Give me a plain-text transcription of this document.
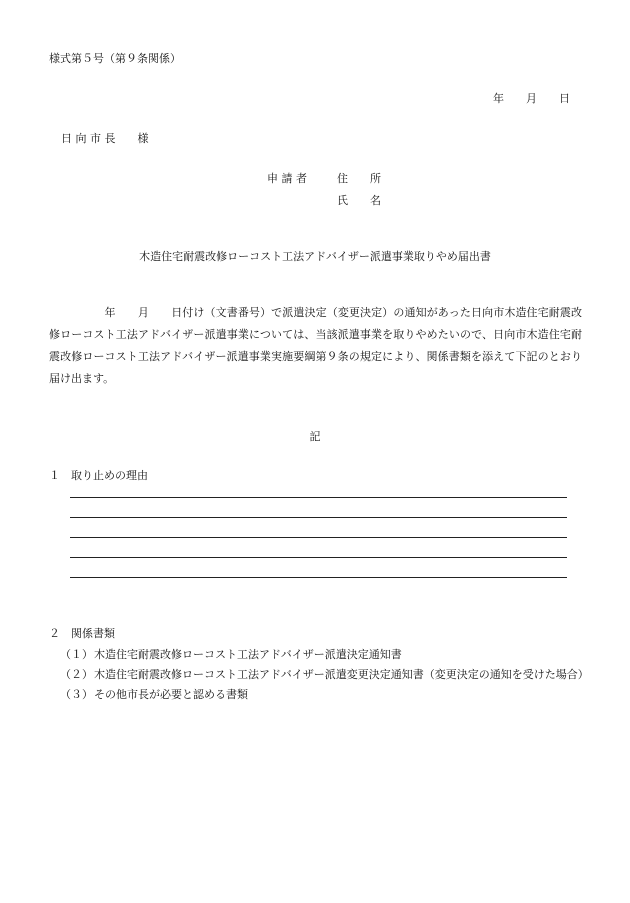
様式第５号（第９条関係）
年　　月　　日
日 向 市 長　　様
申 請 者	住　　所
氏　　名
木造住宅耐震改修ローコスト工法アドバイザー派遣事業取りやめ届出書

　　　　　年　　月　　日付け（文書番号）で派遣決定（変更決定）の通知があった日向市木造住宅耐震改修ローコスト工法アドバイザー派遣事業については、当該派遣事業を取りやめたいので、日向市木造住宅耐震改修ローコスト工法アドバイザー派遣事業実施要綱第９条の規定により、関係書類を添えて下記のとおり届け出ます。

記
１　取り止めの理由
２　関係書類
（１） 木造住宅耐震改修ローコスト工法アドバイザー派遣決定通知書
（２） 木造住宅耐震改修ローコスト工法アドバイザー派遣変更決定通知書（変更決定の通知を受けた場合）
（３） その他市長が必要と認める書類
